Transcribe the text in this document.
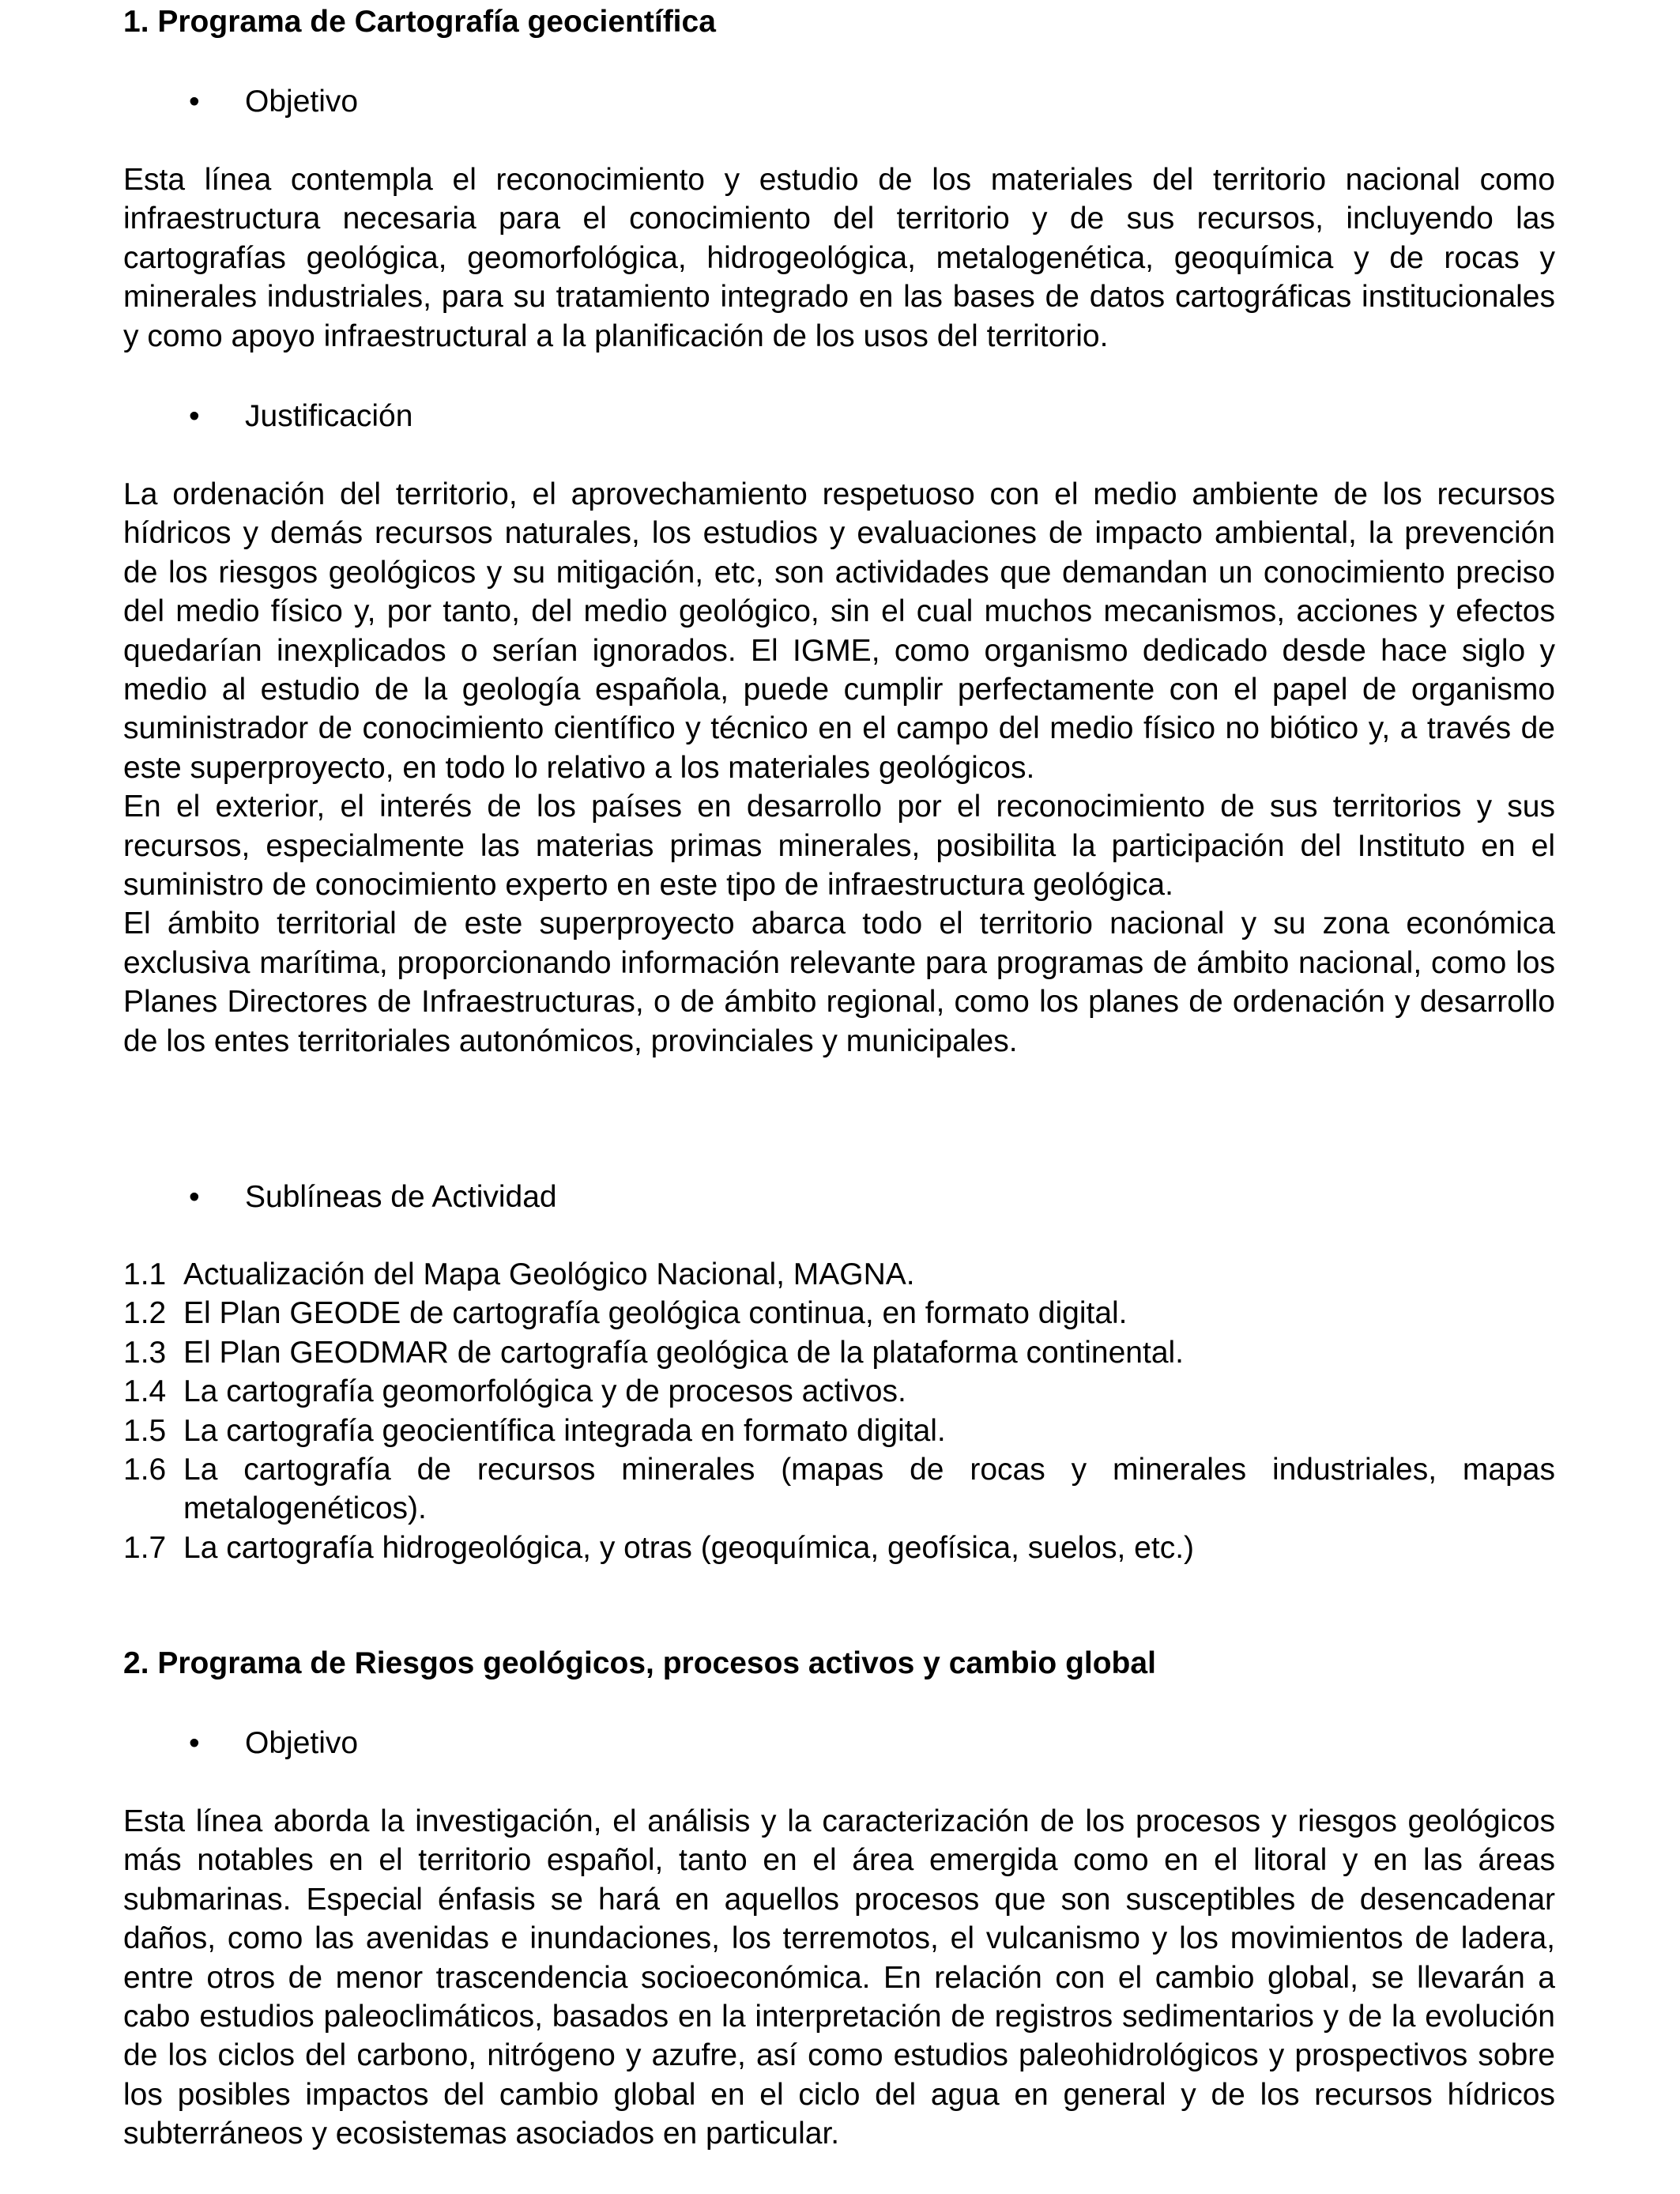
1. Programa de Cartografía geocientífica

• Objetivo

Esta línea contempla el reconocimiento y estudio de los materiales del territorio nacional como infraestructura necesaria para el conocimiento del territorio y de sus recursos, incluyendo las cartografías geológica, geomorfológica, hidrogeológica, metalogenética, geoquímica y de rocas y minerales industriales, para su tratamiento integrado en las bases de datos cartográficas institucionales y como apoyo infraestructural a la planificación de los usos del territorio.

• Justificación

La ordenación del territorio, el aprovechamiento respetuoso con el medio ambiente de los recursos hídricos y demás recursos naturales, los estudios y evaluaciones de impacto ambiental, la prevención de los riesgos geológicos y su mitigación, etc, son actividades que demandan un conocimiento preciso del medio físico y, por tanto, del medio geológico, sin el cual muchos mecanismos, acciones y efectos quedarían inexplicados o serían ignorados. El IGME, como organismo dedicado desde hace siglo y medio al estudio de la geología española, puede cumplir perfectamente con el papel de organismo suministrador de conocimiento científico y técnico en el campo del medio físico no biótico y, a través de este superproyecto, en todo lo relativo a los materiales geológicos.

En el exterior, el interés de los países en desarrollo por el reconocimiento de sus territorios y sus recursos, especialmente las materias primas minerales, posibilita la participación del Instituto en el suministro de conocimiento experto en este tipo de infraestructura geológica.

El ámbito territorial de este superproyecto abarca todo el territorio nacional y su zona económica exclusiva marítima, proporcionando información relevante para programas de ámbito nacional, como los Planes Directores de Infraestructuras, o de ámbito regional, como los planes de ordenación y desarrollo de los entes territoriales autonómicos, provinciales y municipales.

• Sublíneas de Actividad

1.1 Actualización del Mapa Geológico Nacional, MAGNA.
1.2 El Plan GEODE de cartografía geológica continua, en formato digital.
1.3 El Plan GEODMAR de cartografía geológica de la plataforma continental.
1.4 La cartografía geomorfológica y de procesos activos.
1.5 La cartografía geocientífica integrada en formato digital.
1.6 La cartografía de recursos minerales (mapas de rocas y minerales industriales, mapas metalogenéticos).
1.7 La cartografía hidrogeológica, y otras (geoquímica, geofísica, suelos, etc.)
2. Programa de Riesgos geológicos, procesos activos y cambio global

• Objetivo

Esta línea aborda la investigación, el análisis y la caracterización de los procesos y riesgos geológicos más notables en el territorio español, tanto en el área emergida como en el litoral y en las áreas submarinas. Especial énfasis se hará en aquellos procesos que son susceptibles de desencadenar daños, como las avenidas e inundaciones, los terremotos, el vulcanismo y los movimientos de ladera, entre otros de menor trascendencia socioeconómica. En relación con el cambio global, se llevarán a cabo estudios paleoclimáticos, basados en la interpretación de registros sedimentarios y de la evolución de los ciclos del carbono, nitrógeno y azufre, así como estudios paleohidrológicos y prospectivos sobre los posibles impactos del cambio global en el ciclo del agua en general y de los recursos hídricos subterráneos y ecosistemas asociados en particular.
